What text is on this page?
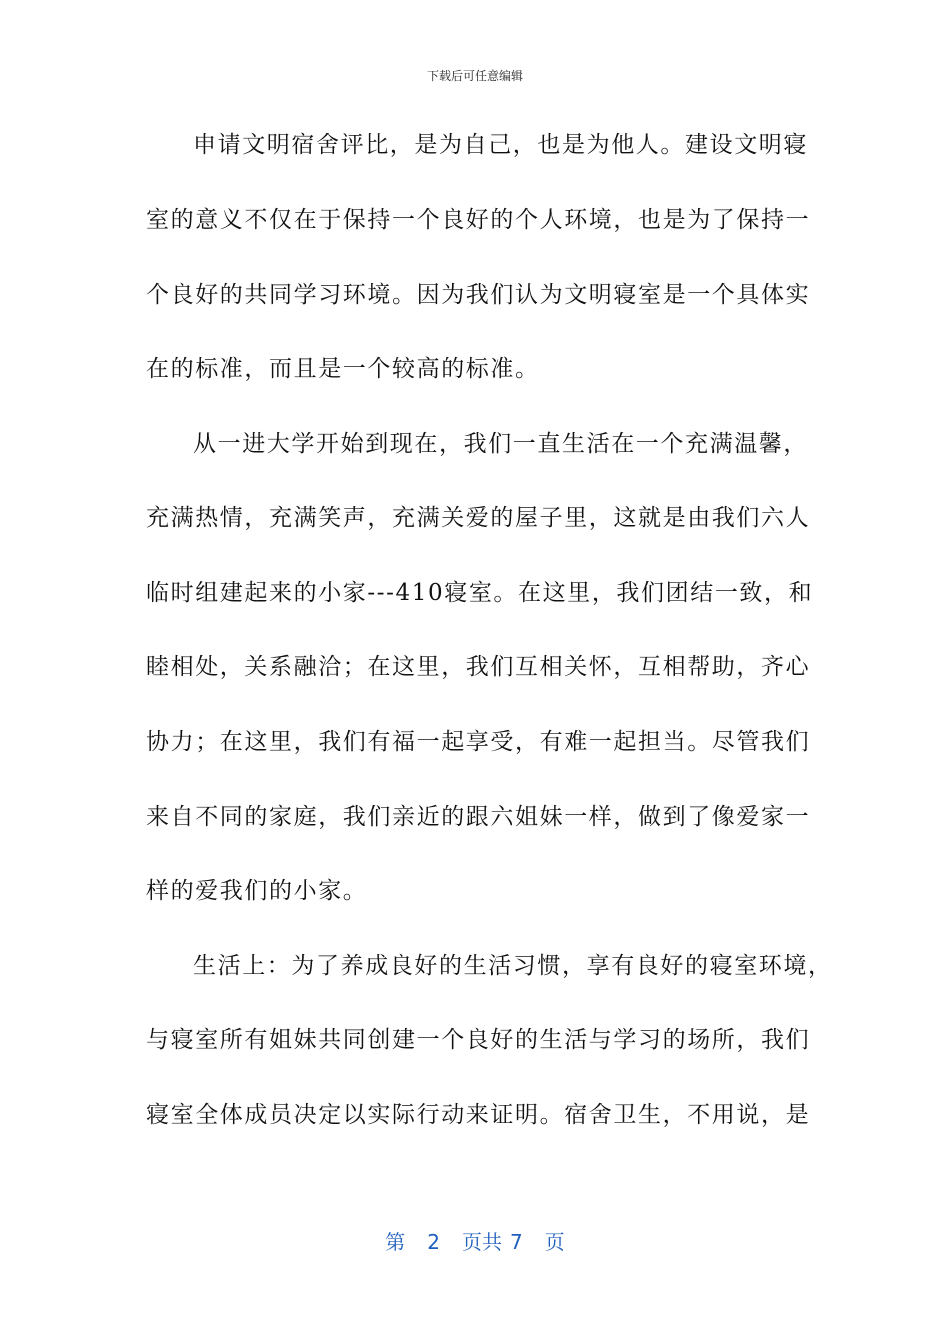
下载后可任意编辑
申请文明宿舍评比，是为自己，也是为他人。建设文明寝
室的意义不仅在于保持一个良好的个人环境，也是为了保持一
个良好的共同学习环境。因为我们认为文明寝室是一个具体实
在的标准，而且是一个较高的标准。
从一进大学开始到现在，我们一直生活在一个充满温馨，
充满热情，充满笑声，充满关爱的屋子里，这就是由我们六人
临时组建起来的小家---410寝室。在这里，我们团结一致，和
睦相处，关系融洽；在这里，我们互相关怀，互相帮助，齐心
协力；在这里，我们有福一起享受，有难一起担当。尽管我们
来自不同的家庭，我们亲近的跟六姐妹一样，做到了像爱家一
样的爱我们的小家。
生活上：为了养成良好的生活习惯，享有良好的寝室环境，
与寝室所有姐妹共同创建一个良好的生活与学习的场所，我们
寝室全体成员决定以实际行动来证明。宿舍卫生，不用说，是
第 2 页共 7 页
